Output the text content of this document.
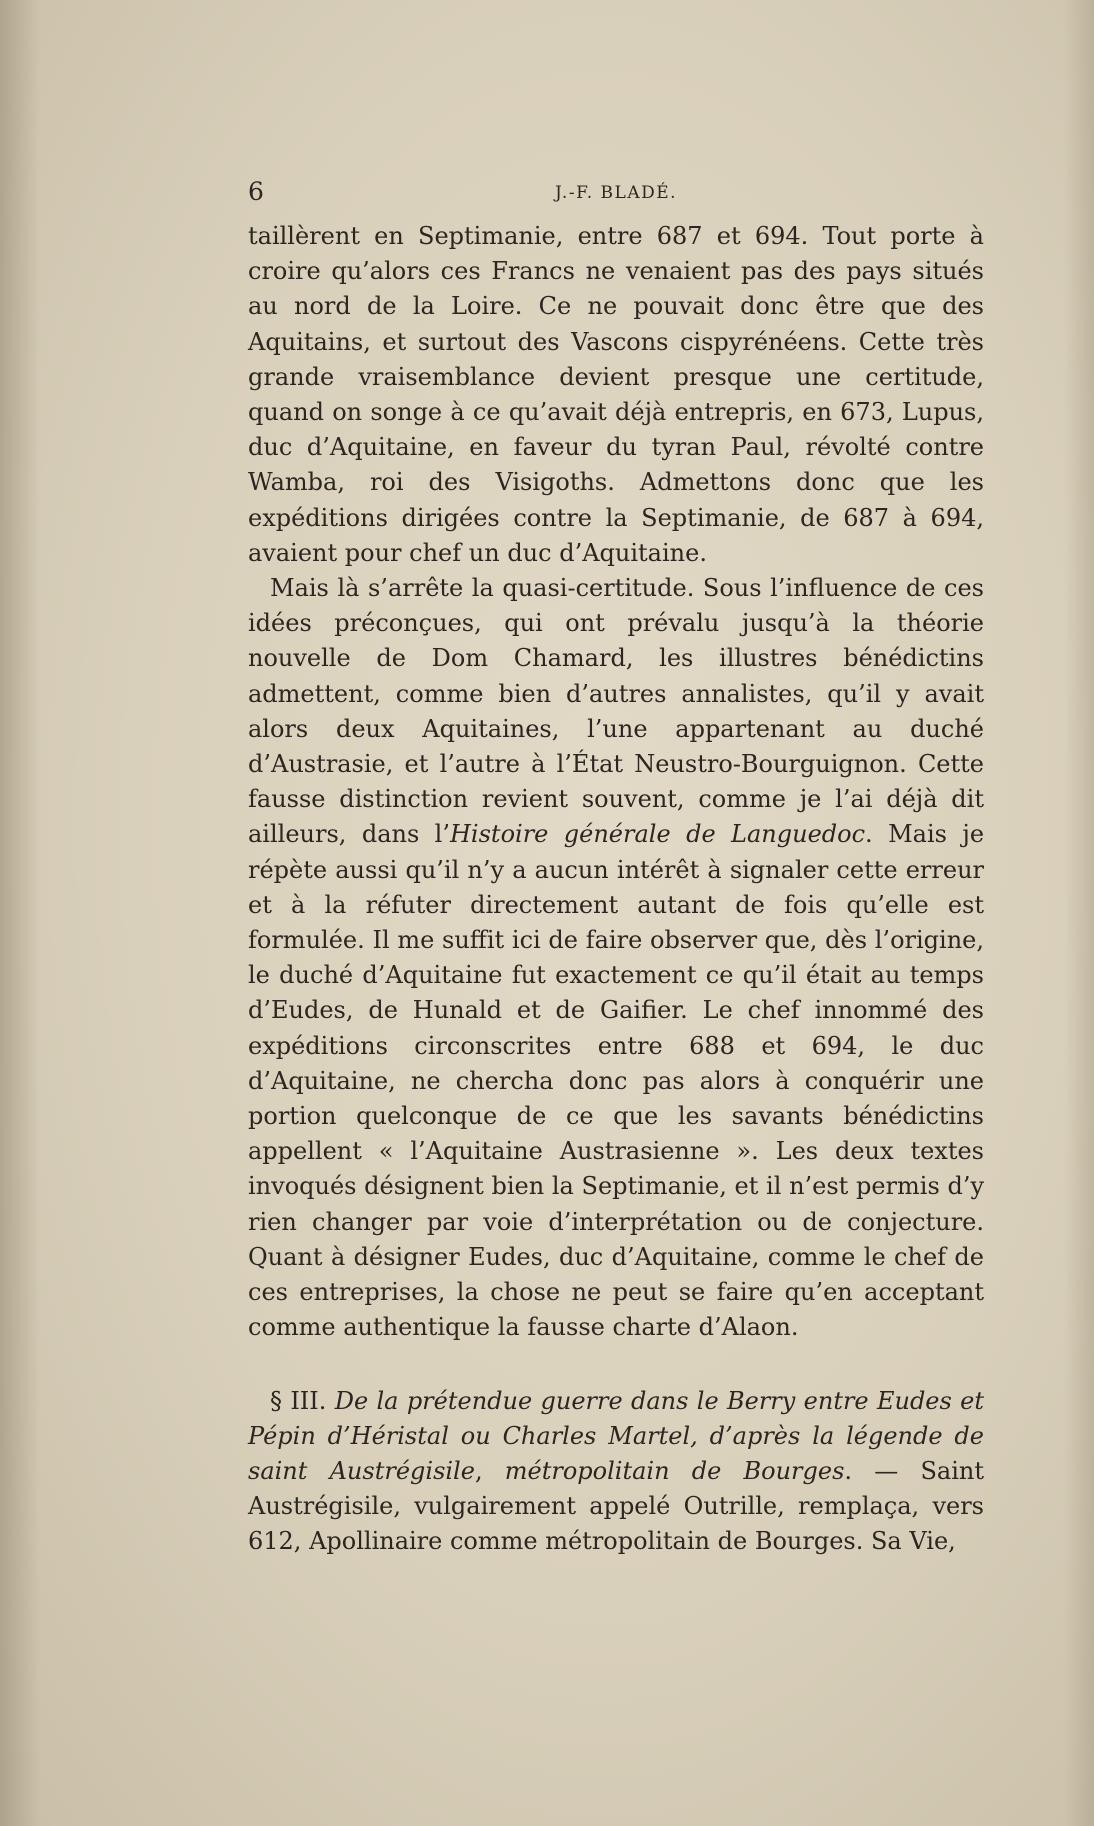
6	J.-F. BLADÉ.

taillèrent en Septimanie, entre 687 et 694. Tout porte à croire qu’alors ces Francs ne venaient pas des pays situés au nord de la Loire. Ce ne pouvait donc être que des Aquitains, et surtout des Vascons cispyrénéens. Cette très grande vraisemblance devient presque une certitude, quand on songe à ce qu’avait déjà entrepris, en 673, Lupus, duc d’Aquitaine, en faveur du tyran Paul, révolté contre Wamba, roi des Visigoths. Admettons donc que les expéditions dirigées contre la Septimanie, de 687 à 694, avaient pour chef un duc d’Aquitaine.

Mais là s’arrête la quasi-certitude. Sous l’influence de ces idées préconçues, qui ont prévalu jusqu’à la théorie nouvelle de Dom Chamard, les illustres bénédictins admettent, comme bien d’autres annalistes, qu’il y avait alors deux Aquitaines, l’une appartenant au duché d’Austrasie, et l’autre à l’État Neustro-Bourguignon. Cette fausse distinction revient souvent, comme je l’ai déjà dit ailleurs, dans l’Histoire générale de Languedoc. Mais je répète aussi qu’il n’y a aucun intérêt à signaler cette erreur et à la réfuter directement autant de fois qu’elle est formulée. Il me suffit ici de faire observer que, dès l’origine, le duché d’Aquitaine fut exactement ce qu’il était au temps d’Eudes, de Hunald et de Gaifier. Le chef innommé des expéditions circonscrites entre 688 et 694, le duc d’Aquitaine, ne chercha donc pas alors à conquérir une portion quelconque de ce que les savants bénédictins appellent « l’Aquitaine Austrasienne ». Les deux textes invoqués désignent bien la Septimanie, et il n’est permis d’y rien changer par voie d’interprétation ou de conjecture. Quant à désigner Eudes, duc d’Aquitaine, comme le chef de ces entreprises, la chose ne peut se faire qu’en acceptant comme authentique la fausse charte d’Alaon.

§ III. De la prétendue guerre dans le Berry entre Eudes et Pépin d’Héristal ou Charles Martel, d’après la légende de saint Austrégisile, métropolitain de Bourges. — Saint Austrégisile, vulgairement appelé Outrille, remplaça, vers 612, Apollinaire comme métropolitain de Bourges. Sa Vie,
